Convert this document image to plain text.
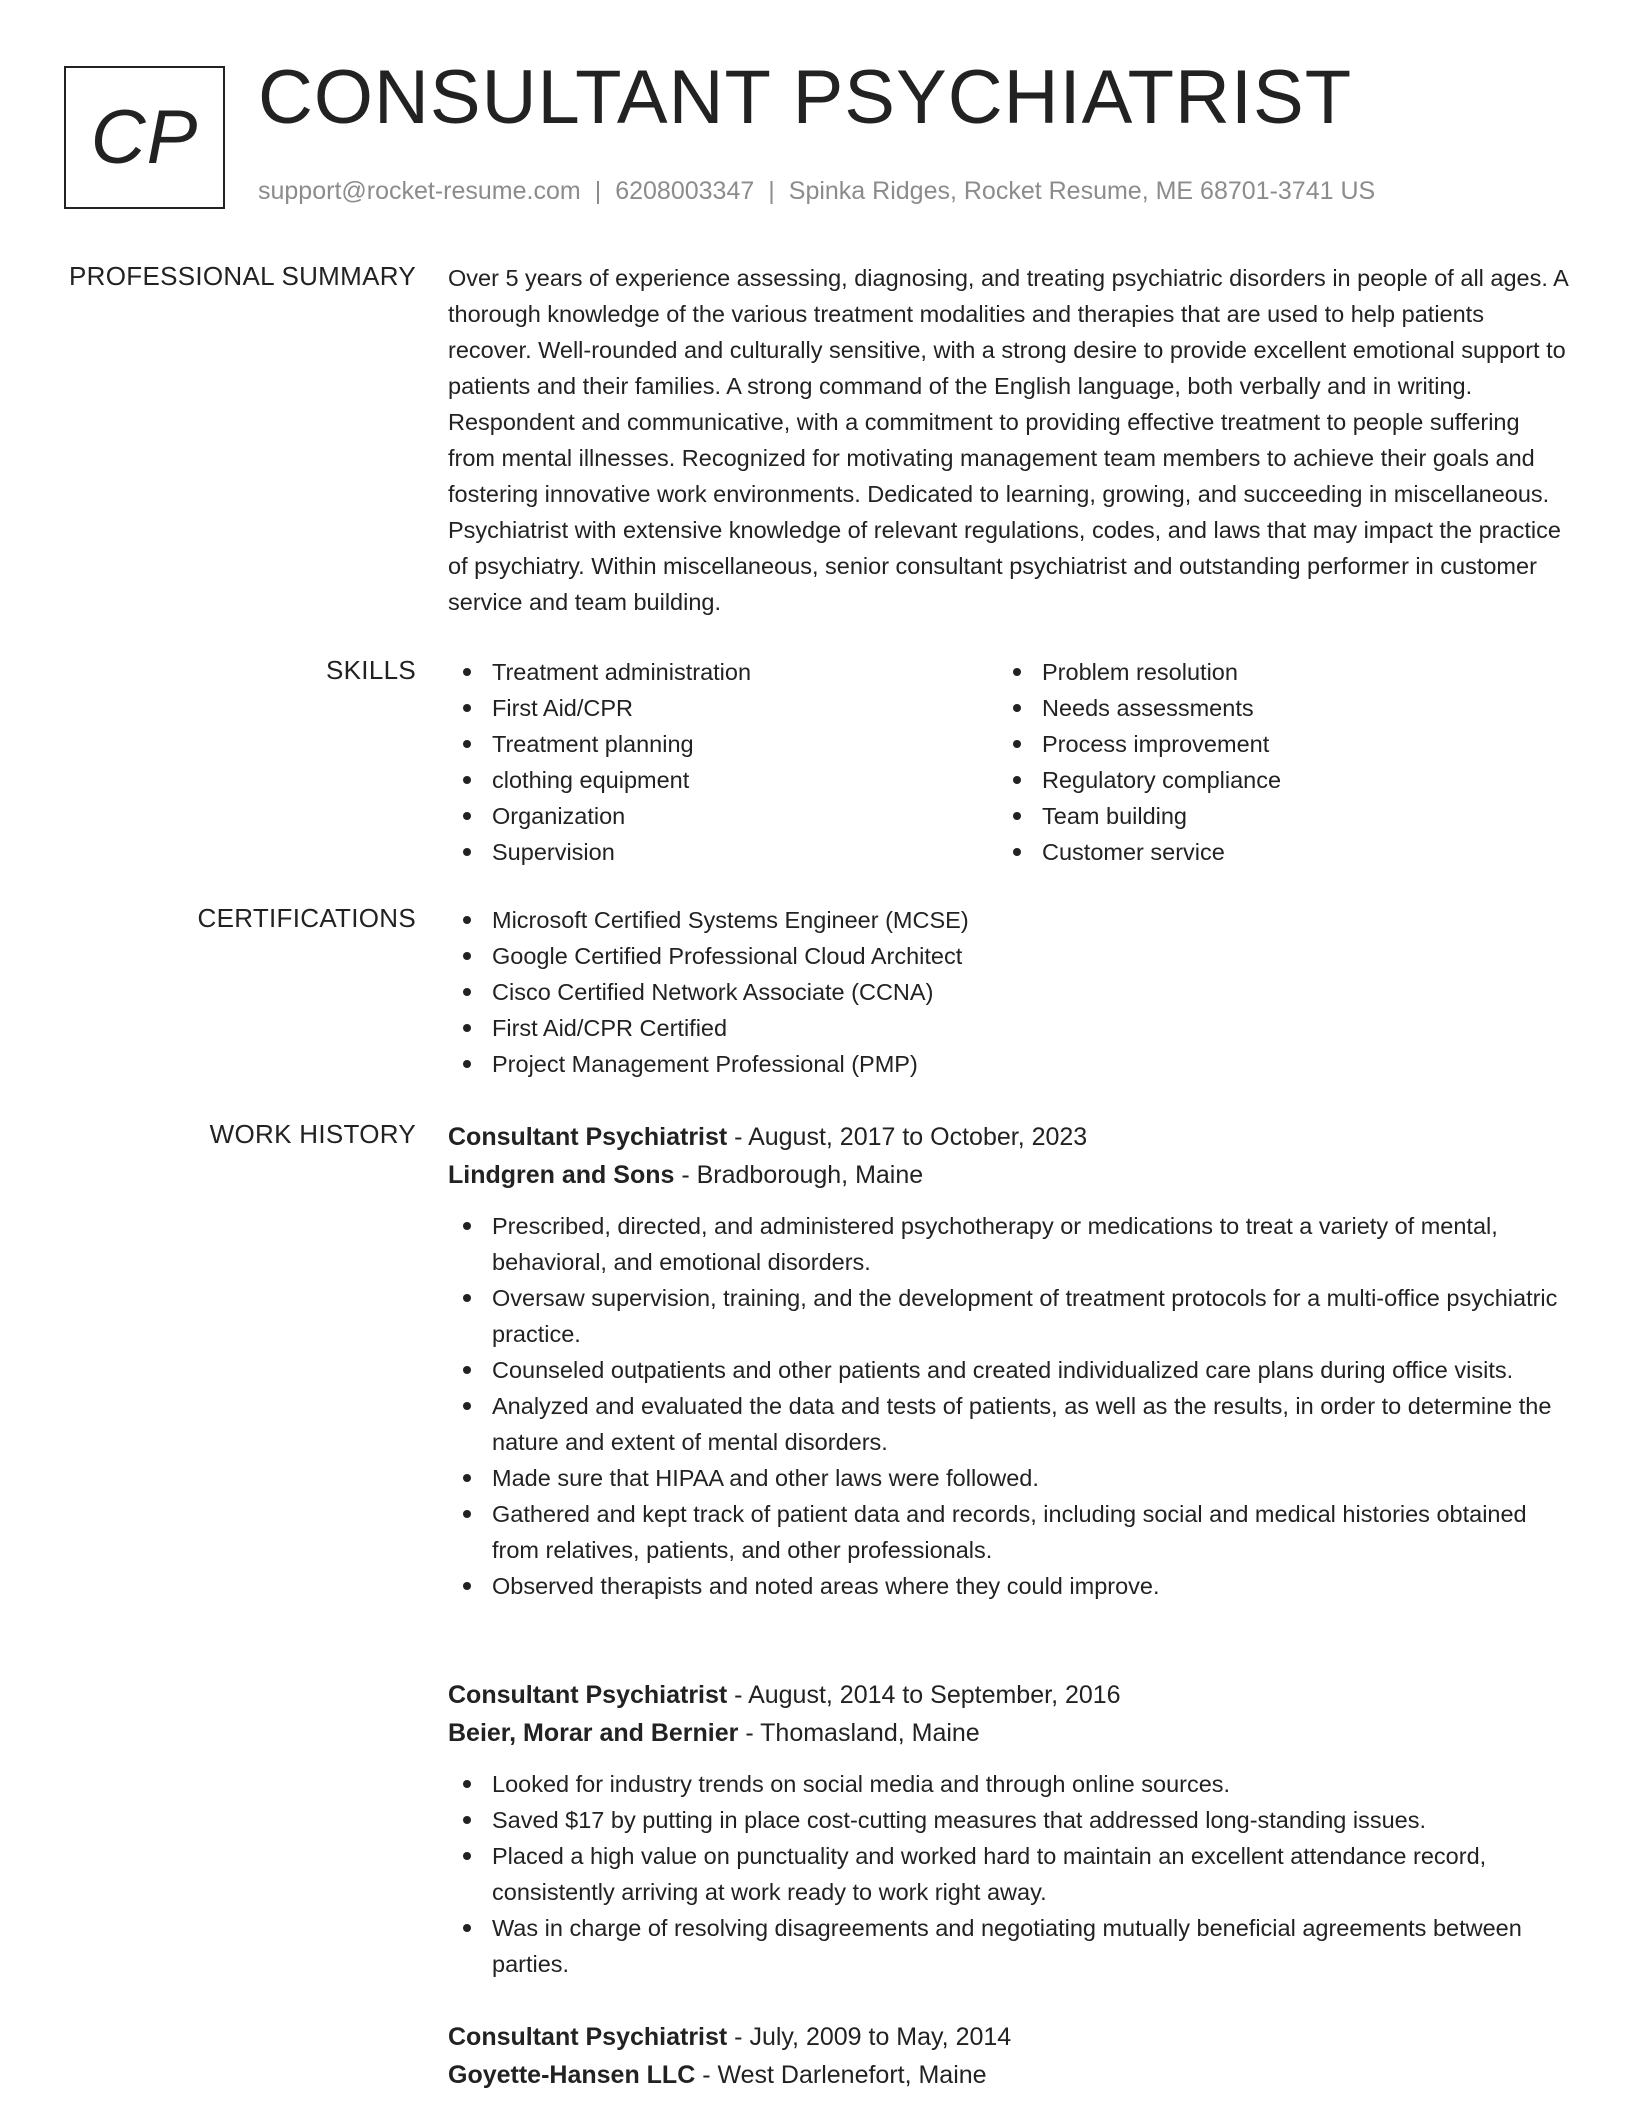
CP CONSULTANT PSYCHIATRIST
support@rocket-resume.com | 6208003347 | Spinka Ridges, Rocket Resume, ME 68701-3741 US
PROFESSIONAL SUMMARY Over 5 years of experience assessing, diagnosing, and treating psychiatric disorders in people of all ages. A thorough knowledge of the various treatment modalities and therapies that are used to help patients recover. Well-rounded and culturally sensitive, with a strong desire to provide excellent emotional support to patients and their families. A strong command of the English language, both verbally and in writing. Respondent and communicative, with a commitment to providing effective treatment to people suffering from mental illnesses. Recognized for motivating management team members to achieve their goals and fostering innovative work environments. Dedicated to learning, growing, and succeeding in miscellaneous. Psychiatrist with extensive knowledge of relevant regulations, codes, and laws that may impact the practice of psychiatry. Within miscellaneous, senior consultant psychiatrist and outstanding performer in customer service and team building.
SKILLS	Treatment administration
First Aid/CPR
Treatment planning
clothing equipment
Organization
Supervision
Problem resolution
Needs assessments
Process improvement
Regulatory compliance
Team building
Customer service
CERTIFICATIONS	Microsoft Certified Systems Engineer (MCSE)
Google Certified Professional Cloud Architect
Cisco Certified Network Associate (CCNA)
First Aid/CPR Certified
Project Management Professional (PMP)
WORK HISTORY Consultant Psychiatrist - August, 2017 to October, 2023
Lindgren and Sons - Bradborough, Maine
Prescribed, directed, and administered psychotherapy or medications to treat a variety of mental, behavioral, and emotional disorders.
Oversaw supervision, training, and the development of treatment protocols for a multi-office psychiatric practice.
Counseled outpatients and other patients and created individualized care plans during office visits.
Analyzed and evaluated the data and tests of patients, as well as the results, in order to determine the nature and extent of mental disorders.
Made sure that HIPAA and other laws were followed.
Gathered and kept track of patient data and records, including social and medical histories obtained from relatives, patients, and other professionals.
Observed therapists and noted areas where they could improve.
Consultant Psychiatrist - August, 2014 to September, 2016
Beier, Morar and Bernier - Thomasland, Maine
Looked for industry trends on social media and through online sources.
Saved $17 by putting in place cost-cutting measures that addressed long-standing issues.
Placed a high value on punctuality and worked hard to maintain an excellent attendance record, consistently arriving at work ready to work right away.
Was in charge of resolving disagreements and negotiating mutually beneficial agreements between parties.
Consultant Psychiatrist - July, 2009 to May, 2014
Goyette-Hansen LLC - West Darlenefort, Maine
